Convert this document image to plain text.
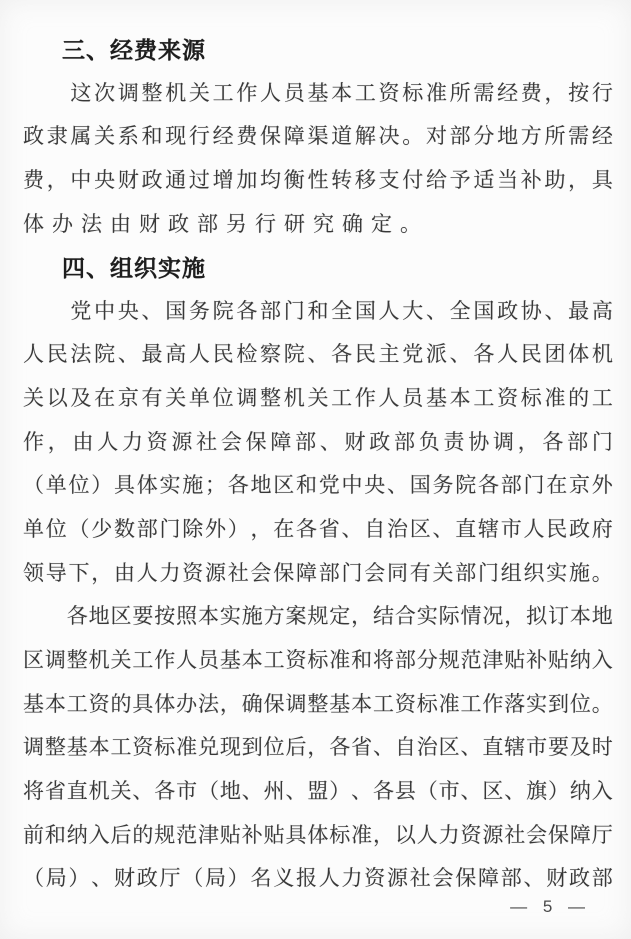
三、经费来源

这 次 调 整 机 关 工 作 人 员 基 本 工 资 标 准 所 需 经 费 ， 按 行
政 隶 属 关 系 和 现 行 经 费 保 障 渠 道 解 决 。 对 部 分 地 方 所 需 经
费 ， 中 央 财 政 通 过 增 加 均 衡 性 转 移 支 付 给 予 适 当 补 助 ， 具
体办法由财政部另行研究确定。
四、组织实施

党 中 央 、 国 务 院 各 部 门 和 全 国 人 大 、 全 国 政 协 、 最 高
人 民 法 院 、 最 高 人 民 检 察 院 、 各 民 主 党 派 、 各 人 民 团 体 机
关 以 及 在 京 有 关 单 位 调 整 机 关 工 作 人 员 基 本 工 资 标 准 的 工
作 ， 由 人 力 资 源 社 会 保 障 部 、 财 政 部 负 责 协 调 ， 各 部 门
（ 单 位 ） 具 体 实 施 ； 各 地 区 和 党 中 央 、 国 务 院 各 部 门 在 京 外
单 位 （ 少 数 部 门 除 外 ） ， 在 各 省 、 自 治 区 、 直 辖 市 人 民 政 府
领 导 下 ， 由 人 力 资 源 社 会 保 障 部 门 会 同 有 关 部 门 组 织 实 施 。

各 地 区 要 按 照 本 实 施 方 案 规 定 ， 结 合 实 际 情 况 ， 拟 订 本 地
区 调 整 机 关 工 作 人 员 基 本 工 资 标 准 和 将 部 分 规 范 津 贴 补 贴 纳 入
基 本 工 资 的 具 体 办 法 ， 确 保 调 整 基 本 工 资 标 准 工 作 落 实 到 位 。
调 整 基 本 工 资 标 准 兑 现 到 位 后 ， 各 省 、 自 治 区 、 直 辖 市 要 及 时
将 省 直 机 关 、 各 市 （ 地 、 州 、 盟 ） 、 各 县 （ 市 、 区 、 旗 ） 纳 入
前 和 纳 入 后 的 规 范 津 贴 补 贴 具 体 标 准 ， 以 人 力 资 源 社 会 保 障 厅
（ 局 ） 、 财 政 厅 （ 局 ） 名 义 报 人 力 资 源 社 会 保 障 部 、 财 政 部
— 5 —
